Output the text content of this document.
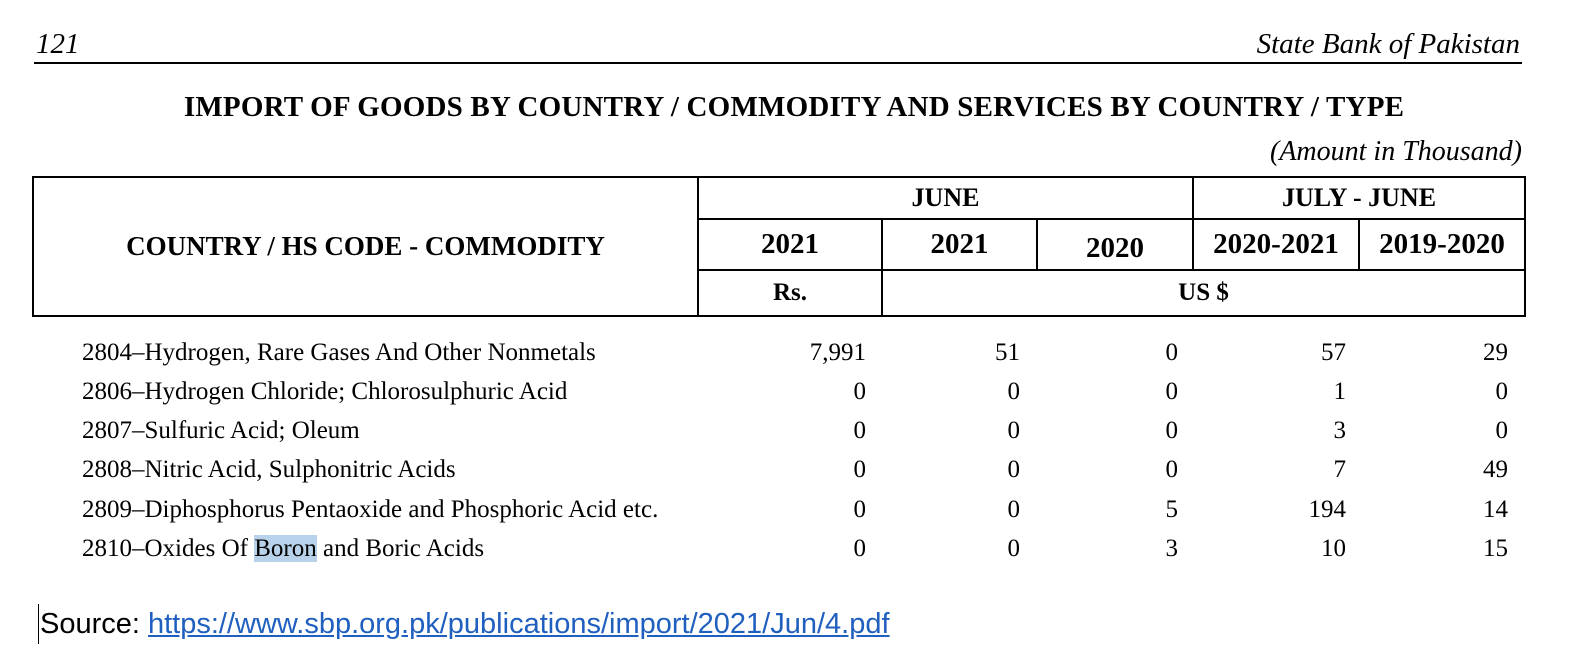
121	State Bank of Pakistan
IMPORT OF GOODS BY COUNTRY / COMMODITY AND SERVICES BY COUNTRY / TYPE
(Amount in Thousand)
COUNTRY / HS CODE - COMMODITY
JUNE	JULY - JUNE
2021	2021	2020	2020-2021	2019-2020
Rs.	US $
2804–Hydrogen, Rare Gases And Other Nonmetals	7,991	51	0	57	29
2806–Hydrogen Chloride; Chlorosulphuric Acid	0	0	0	1	0
2807–Sulfuric Acid; Oleum	0	0	0	3	0
2808–Nitric Acid, Sulphonitric Acids	0	0	0	7	49
2809–Diphosphorus Pentaoxide and Phosphoric Acid etc.	0	0	5	194	14
2810–Oxides Of Boron and Boric Acids	0	0	3	10	15
Source: https://www.sbp.org.pk/publications/import/2021/Jun/4.pdf
